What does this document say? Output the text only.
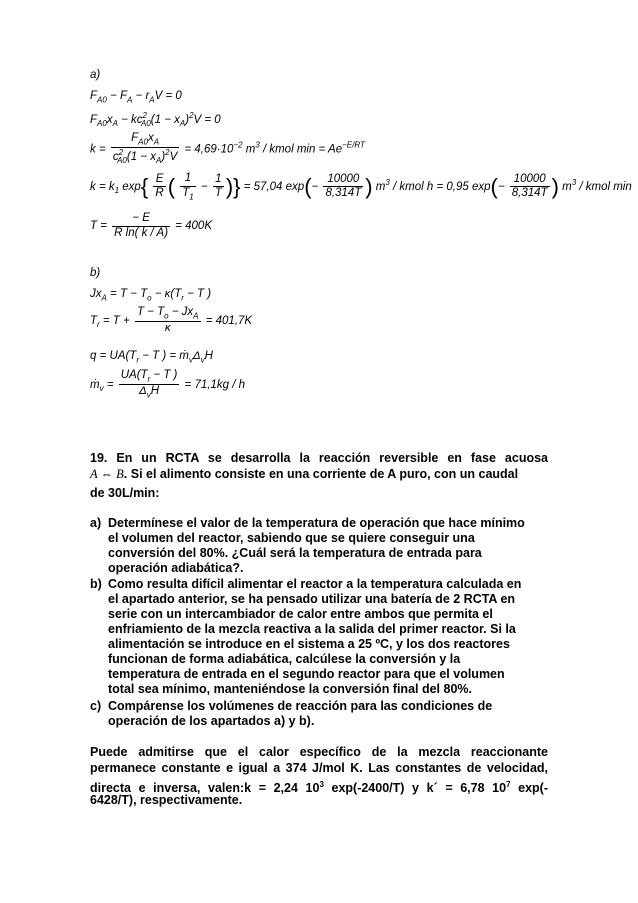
a)
$F_{A0} - F_A - r_AV = 0$
$F_{A0}x_A - kc^2_{A0}(1 - x_A)^2V = 0$
$k = \frac{F_{A0}x_A}{c^2_{A0}(1 - x_A)^2V} = 4,69\cdot 10^{-2}$ $m^3$ / kmol $\min = Ae^{-E/RT}$
$k = k_1$ $\exp\{ \frac{E}{R}$ ( $\frac{1}{T_1} - \frac{1}{T}$ )} = 57,04 $\exp(- \frac{10000}{8,314T}$ ) $m^3$ / kmol h = 0,95 $\exp(- \frac{10000}{8,314T}$ ) $m^3$ / kmol min
$T = \frac{- E}{\text{R ln( k / A)}} = 400K$
b)
$Jx_A = T - T_o - \kappa(T_r - T$ )
$T_r = T + \frac{T - T_o - Jx_A}{\kappa} = 401,7K$
$q = UA(T_r - T$ ) = $ṁ_v\Delta_vH$
ṁ$_v$ = $\frac{UA(T_r - T )}{\Delta_vH} = 71,1kg / h$
19. En un RCTA se desarrolla la reacción reversible en fase acuosa
A ⇔ B. Si el alimento consiste en una corriente de A puro, con un caudal
de 30L/min:
a) Determínese el valor de la temperatura de operación que hace mínimo
el volumen del reactor, sabiendo que se quiere conseguir una
conversión del 80%. ¿Cuál será la temperatura de entrada para
operación adiabática?.
b) Como resulta difícil alimentar el reactor a la temperatura calculada en
el apartado anterior, se ha pensado utilizar una batería de 2 RCTA en
serie con un intercambiador de calor entre ambos que permita el
enfriamiento de la mezcla reactiva a la salida del primer reactor. Si la
alimentación se introduce en el sistema a 25 ºC, y los dos reactores
funcionan de forma adiabática, calcúlese la conversión y la
temperatura de entrada en el segundo reactor para que el volumen
total sea mínimo, manteniéndose la conversión final del 80%.
c) Compárense los volúmenes de reacción para las condiciones de
operación de los apartados a) y b).
Puede admitirse que el calor específico de la mezcla reaccionante
permanece constante e igual a 374 J/mol K. Las constantes de velocidad,
directa e inversa, valen:k = 2,24 $10^3$ exp(-2400/T) y k´ = 6,78 $10^7$ exp(-
6428/T), respectivamente.
